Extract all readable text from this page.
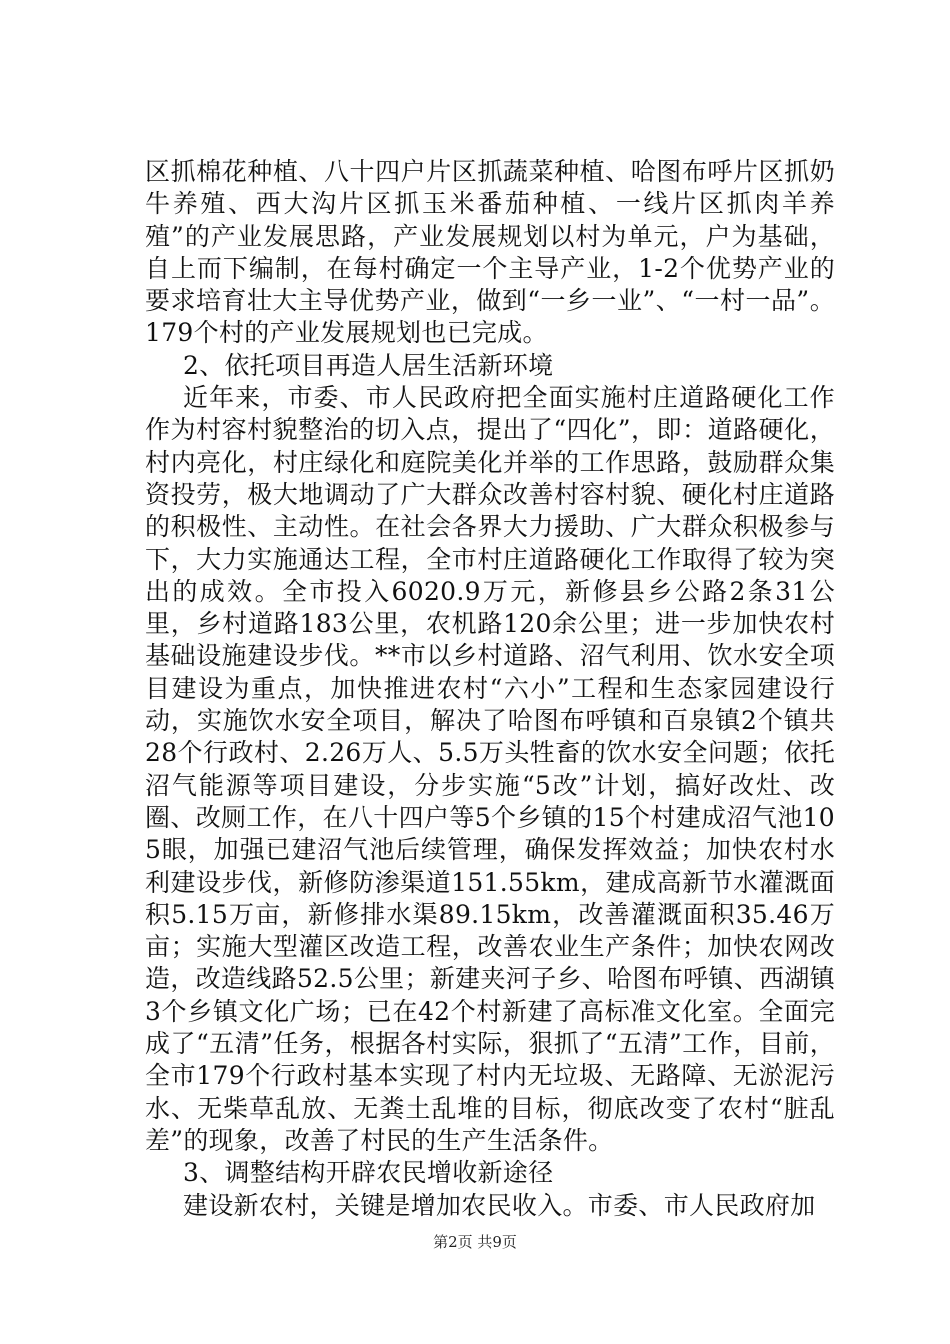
区抓棉花种植、八十四户片区抓蔬菜种植、哈图布呼片区抓奶牛养殖、西大沟片区抓玉米番茄种植、一线片区抓肉羊养殖”的产业发展思路，产业发展规划以村为单元，户为基础，自上而下编制，在每村确定一个主导产业，1-2个优势产业的要求培育壮大主导优势产业，做到“一乡一业”、“一村一品”。179个村的产业发展规划也已完成。

2、依托项目再造人居生活新环境

近年来，市委、市人民政府把全面实施村庄道路硬化工作作为村容村貌整治的切入点，提出了“四化”，即：道路硬化，村内亮化，村庄绿化和庭院美化并举的工作思路，鼓励群众集资投劳，极大地调动了广大群众改善村容村貌、硬化村庄道路的积极性、主动性。在社会各界大力援助、广大群众积极参与下，大力实施通达工程，全市村庄道路硬化工作取得了较为突出的成效。全市投入6020.9万元，新修县乡公路2条31公里，乡村道路183公里，农机路120余公里；进一步加快农村基础设施建设步伐。**市以乡村道路、沼气利用、饮水安全项目建设为重点，加快推进农村“六小”工程和生态家园建设行动，实施饮水安全项目，解决了哈图布呼镇和百泉镇2个镇共28个行政村、2.26万人、5.5万头牲畜的饮水安全问题；依托沼气能源等项目建设，分步实施“5改”计划，搞好改灶、改圈、改厕工作，在八十四户等5个乡镇的15个村建成沼气池105眼，加强已建沼气池后续管理，确保发挥效益；加快农村水利建设步伐，新修防渗渠道151.55km，建成高新节水灌溉面积5.15万亩，新修排水渠89.15km，改善灌溉面积35.46万亩；实施大型灌区改造工程，改善农业生产条件；加快农网改造，改造线路52.5公里；新建夹河子乡、哈图布呼镇、西湖镇3个乡镇文化广场；已在42个村新建了高标准文化室。全面完成了“五清”任务，根据各村实际，狠抓了“五清”工作，目前，全市179个行政村基本实现了村内无垃圾、无路障、无淤泥污水、无柴草乱放、无粪土乱堆的目标，彻底改变了农村“脏乱差”的现象，改善了村民的生产生活条件。

3、调整结构开辟农民增收新途径

建设新农村，关键是增加农民收入。市委、市人民政府加

第2页 共9页
